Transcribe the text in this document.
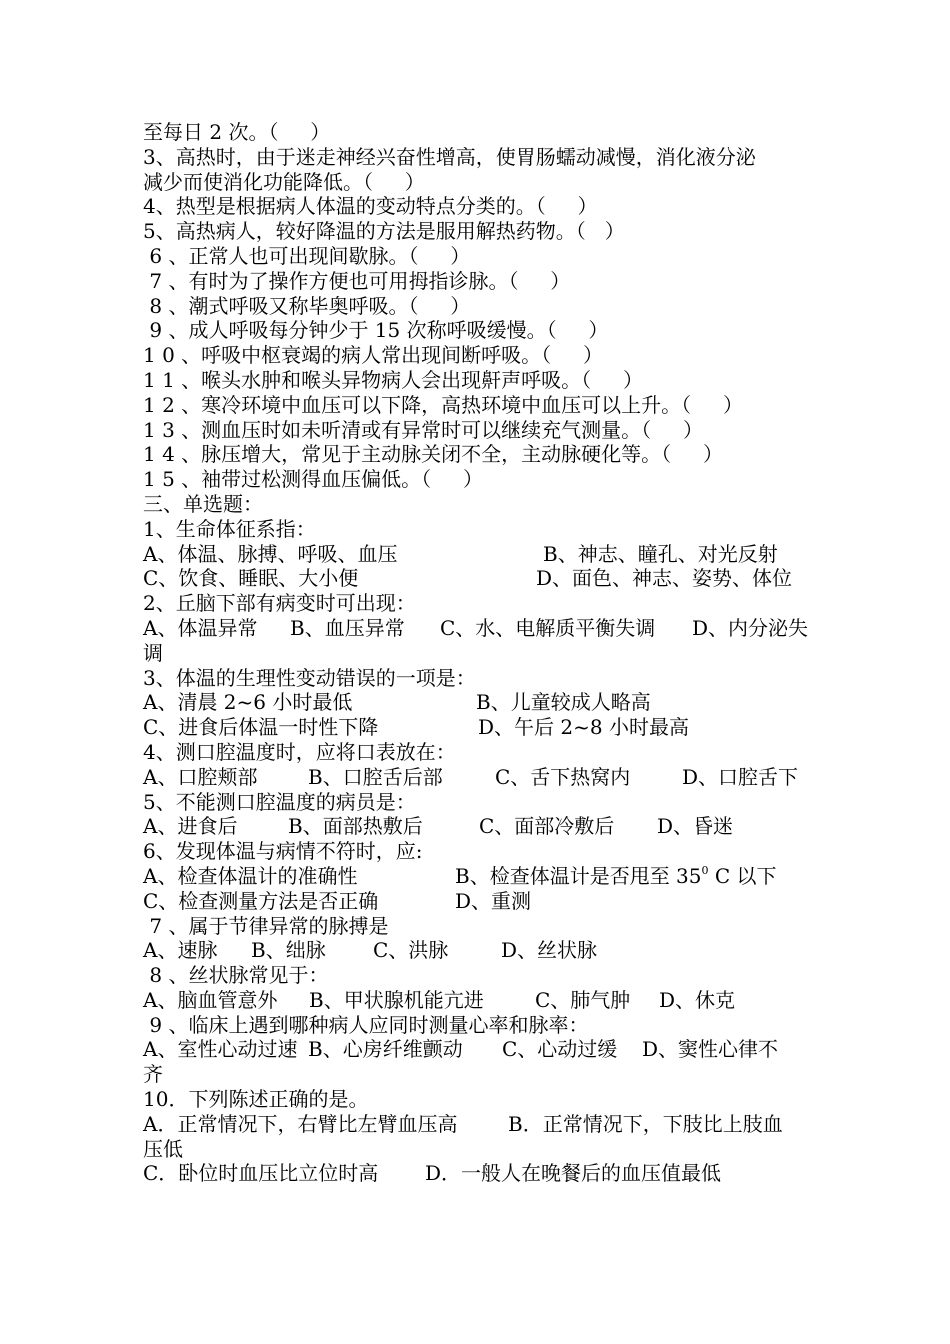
至每日 2 次。（     ）
3、高热时，由于迷走神经兴奋性增高，使胃肠蠕动减慢，消化液分泌
减少而使消化功能降低。（     ）
4、热型是根据病人体温的变动特点分类的。（     ）
5、高热病人，较好降温的方法是服用解热药物。（   ）
6 、正常人也可出现间歇脉。（     ）
7 、有时为了操作方便也可用拇指诊脉。（     ）
8 、潮式呼吸又称毕奥呼吸。（     ）
9 、成人呼吸每分钟少于 15 次称呼吸缓慢。（     ）
1 0 、呼吸中枢衰竭的病人常出现间断呼吸。（     ）
1 1 、喉头水肿和喉头异物病人会出现鼾声呼吸。（     ）
1 2 、寒冷环境中血压可以下降，高热环境中血压可以上升。（     ）
1 3 、测血压时如未听清或有异常时可以继续充气测量。（     ）
1 4 、脉压增大，常见于主动脉关闭不全，主动脉硬化等。（     ）
1 5 、袖带过松测得血压偏低。（     ）
三、单选题：
1、生命体征系指：
A、体温、脉搏、呼吸、血压	B、神志、瞳孔、对光反射
C、饮食、睡眠、大小便	D、面色、神志、姿势、体位
2、丘脑下部有病变时可出现：
A、体温异常	B、血压异常	C、水、电解质平衡失调	D、内分泌失
调
3、体温的生理性变动错误的一项是：
A、清晨 2~6 小时最低	B、儿童较成人略高
C、进食后体温一时性下降	D、午后 2~8 小时最高
4、测口腔温度时，应将口表放在：
A、口腔颊部	B、口腔舌后部	C、舌下热窝内	D、口腔舌下
5、不能测口腔温度的病员是：
A、进食后	B、面部热敷后	C、面部冷敷后	D、昏迷
6、发现体温与病情不符时，应:
A、检查体温计的准确性	B、检查体温计是否甩至 $35^0$ C 以下
C、检查测量方法是否正确	D、重测
7 、属于节律异常的脉搏是
A、速脉	B、绌脉	C、洪脉	D、丝状脉
8 、丝状脉常见于：
A、脑血管意外	B、甲状腺机能亢进	C、肺气肿	D、休克
9 、临床上遇到哪种病人应同时测量心率和脉率：
A、室性心动过速 B、心房纤维颤动	C、心动过缓	D、窦性心律不
齐
10．下列陈述正确的是。
A．正常情况下，右臂比左臂血压高	B．正常情况下，下肢比上肢血
压低
C．卧位时血压比立位时高	D．一般人在晚餐后的血压值最低
